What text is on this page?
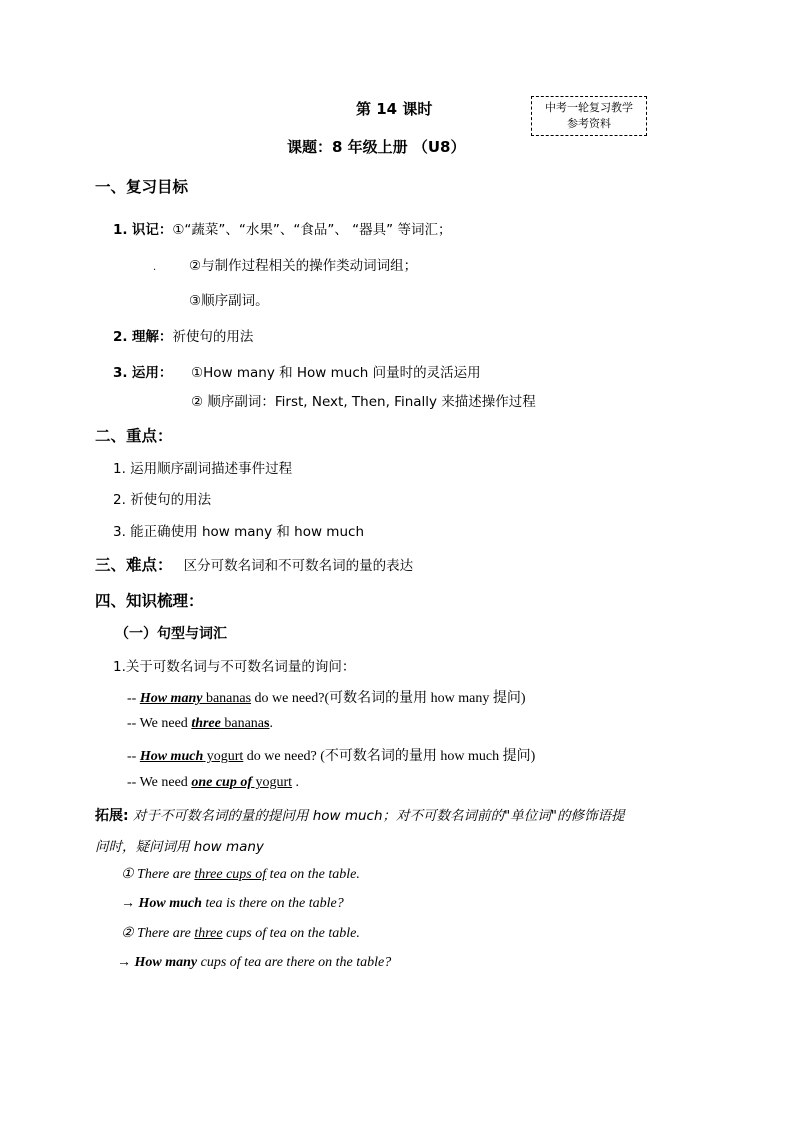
中考一轮复习教学
参考资料
第 14 课时
课题：8 年级上册 （U8）
一、复习目标
1. 识记：①“蔬菜”、“水果”、“食品”、 “器具” 等词汇；
. ②与制作过程相关的操作类动词词组；
③顺序副词。
2. 理解：祈使句的用法
3. 运用： ①How many 和 How much 问量时的灵活运用
② 顺序副词：First, Next, Then, Finally 来描述操作过程
二、重点：
1. 运用顺序副词描述事件过程
2. 祈使句的用法
3. 能正确使用 how many 和 how much
三、难点： 区分可数名词和不可数名词的量的表达
四、知识梳理：
（一）句型与词汇
1.关于可数名词与不可数名词量的询问：
-- How many bananas do we need?(可数名词的量用 how many 提问)
-- We need three bananas.
-- How much yogurt do we need? (不可数名词的量用 how much 提问)
-- We need one cup of yogurt .
拓展: 对于不可数名词的量的提问用 how much；对不可数名词前的"单位词"的修饰语提
问时，疑问词用 how many
① There are three cups of tea on the table.
→ How much tea is there on the table?
② There are three cups of tea on the table.
→ How many cups of tea are there on the table?
